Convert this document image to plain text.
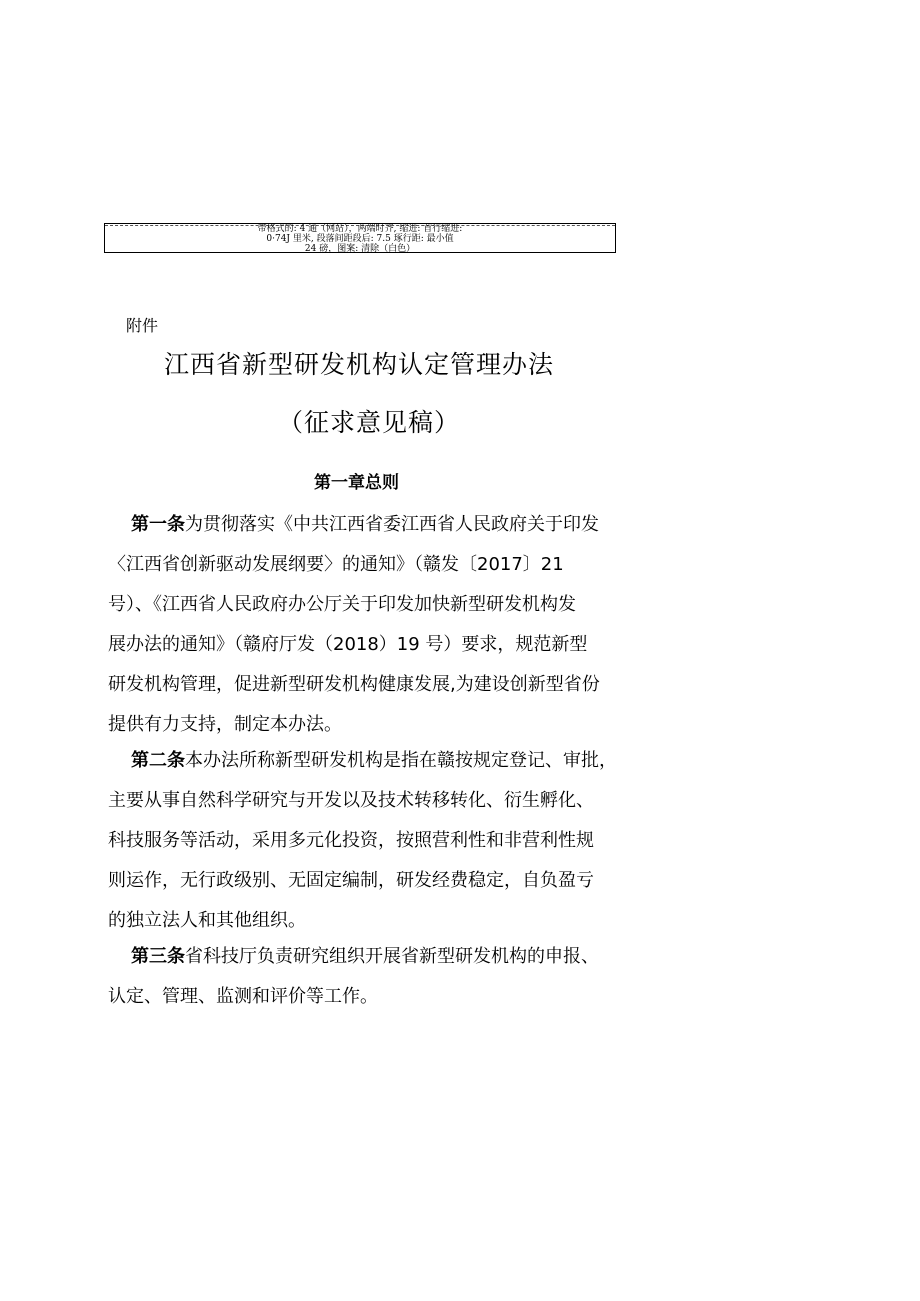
带格式的: 4 通（网站），两端时齐, 缩进: 首行缩进:
0·74J 里米, 段落间距段后: 7.5 琢行距: 最小值
24 磅，图案: 清除（白色）
附件
江西省新型研发机构认定管理办法
（征求意见稿）
第一章总则
第一条为贯彻落实《中共江西省委江西省人民政府关于印发
〈江西省创新驱动发展纲要〉的通知》（赣发〔2017〕21
号）、《江西省人民政府办公厅关于印发加快新型研发机构发
展办法的通知》（赣府厅发（2018）19 号）要求，规范新型
研发机构管理，促进新型研发机构健康发展,为建设创新型省份
提供有力支持，制定本办法。
第二条本办法所称新型研发机构是指在赣按规定登记、审批，
主要从事自然科学研究与开发以及技术转移转化、衍生孵化、
科技服务等活动，采用多元化投资，按照营利性和非营利性规
则运作，无行政级别、无固定编制，研发经费稳定，自负盈亏
的独立法人和其他组织。
第三条省科技厅负责研究组织开展省新型研发机构的申报、
认定、管理、监测和评价等工作。
